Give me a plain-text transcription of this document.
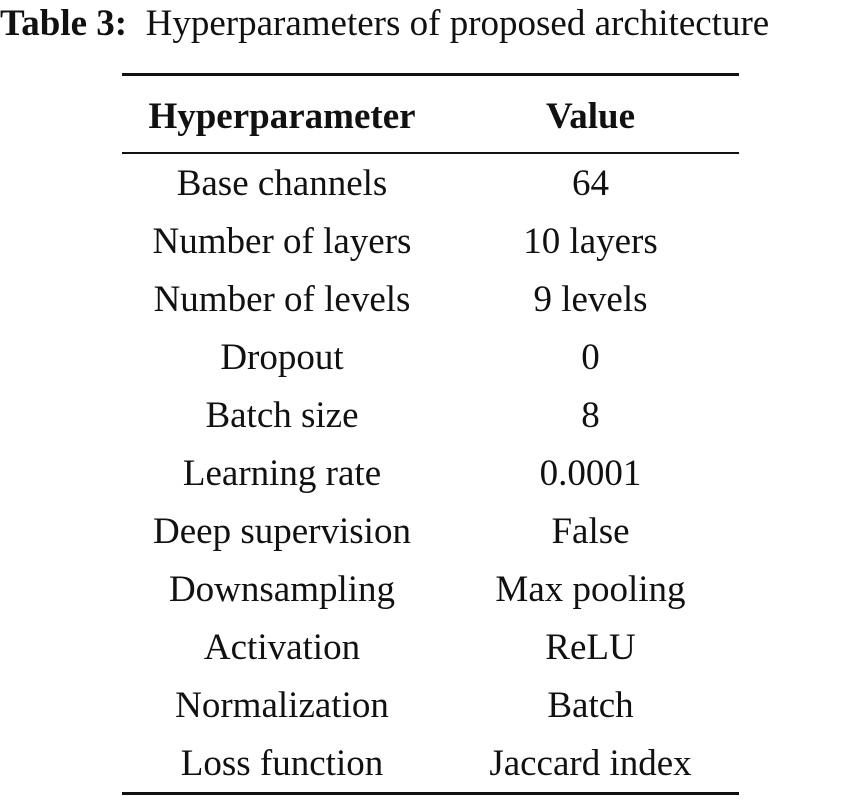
Table 3: Hyperparameters of proposed architecture
Hyperparameter	Value
Base channels	64
Number of layers	10 layers
Number of levels	9 levels
Dropout	0
Batch size	8
Learning rate	0.0001
Deep supervision	False
Downsampling	Max pooling
Activation	ReLU
Normalization	Batch
Loss function	Jaccard index
